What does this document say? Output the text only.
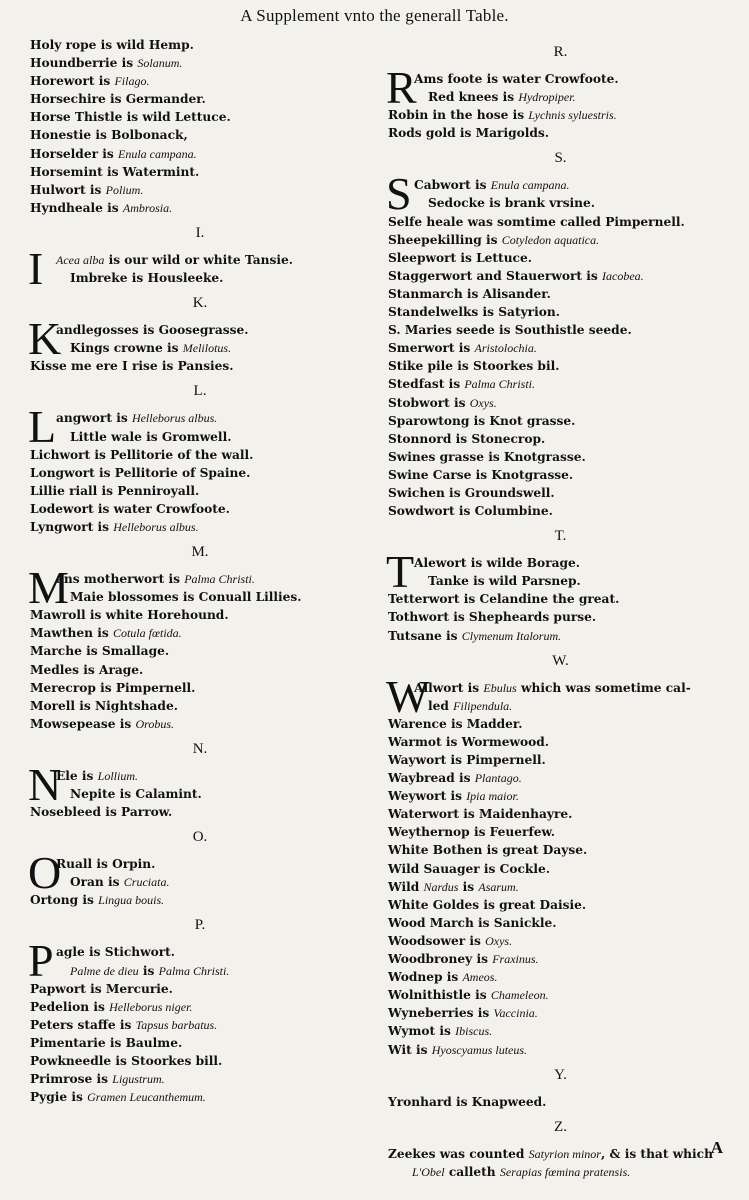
A Supplement vnto the generall Table.
Holy rope is wild Hemp.
Houndberrie is Solanum.
Horewort is Filago.
Horsechire is Germander.
Horse Thistle is wild Lettuce.
Honestie is Bolbonack,
Horselder is Enula campana.
Horsemint is Watermint.
Hulwort is Polium.
Hyndheale is Ambrosia.
I.
I Acea alba is our wild or white Tansie.
Imbreke is Housleeke.
K.
K
andlegosses is Goosegrasse.
Kings crowne is Melilotus.
Kisse me ere I rise is Pansies.
L.
L angwort is Helleborus albus.
Little wale is Gromwell.
Lichwort is Pellitorie of the wall.
Longwort is Pellitorie of Spaine.
Lillie riall is Penniroyall.
Lodewort is water Crowfoote.
Lyngwort is Helleborus albus.
M.
M
ans motherwort is Palma Christi.
Maie blossomes is Conuall Lillies.
Mawroll is white Horehound.
Mawthen is Cotula fœtida.
Marche is Smallage.
Medles is Arage.
Merecrop is Pimpernell.
Morell is Nightshade.
Mowsepease is Orobus.
N.
N
Ele is Lollium.
Nepite is Calamint.
Nosebleed is Parrow.
O.
O
Ruall is Orpin.
Oran is Cruciata.
Ortong is Lingua bouis.
P.
P agle is Stichwort.
Palme de dieu is Palma Christi.
Papwort is Mercurie.
Pedelion is Helleborus niger.
Peters staffe is Tapsus barbatus.
Pimentarie is Baulme.
Powkneedle is Stoorkes bill.
Primrose is Ligustrum.
Pygie is Gramen Leucanthemum.
R.
R
Ams foote is water Crowfoote.
Red knees is Hydropiper.
Robin in the hose is Lychnis syluestris.
Rods gold is Marigolds.
S.
S Cabwort is Enula campana.
Sedocke is brank vrsine.
Selfe heale was somtime called Pimpernell.
Sheepekilling is Cotyledon aquatica.
Sleepwort is Lettuce.
Staggerwort and Stauerwort is Iacobea.
Stanmarch is Alisander.
Standelwelks is Satyrion.
S. Maries seede is Southistle seede.
Smerwort is Aristolochia.
Stike pile is Stoorkes bil.
Stedfast is Palma Christi.
Stobwort is Oxys.
Sparowtong is Knot grasse.
Stonnord is Stonecrop.
Swines grasse is Knotgrasse.
Swine Carse is Knotgrasse.
Swichen is Groundswell.
Sowdwort is Columbine.
T.
T Alewort is wilde Borage.
Tanke is wild Parsnep.
Tetterwort is Celandine the great.
Tothwort is Shepheards purse.
Tutsane is Clymenum Italorum.
W.
W
Allwort is Ebulus which was sometime cal-
led Filipendula.
Warence is Madder.
Warmot is Wormewood.
Waywort is Pimpernell.
Waybread is Plantago.
Weywort is Ipia maior.
Waterwort is Maidenhayre.
Weythernop is Feuerfew.
White Bothen is great Dayse.
Wild Sauager is Cockle.
Wild Nardus is Asarum.
White Goldes is great Daisie.
Wood March is Sanickle.
Woodsower is Oxys.
Woodbroney is Fraxinus.
Wodnep is Ameos.
Wolnithistle is Chameleon.
Wyneberries is Vaccinia.
Wymot is Ibiscus.
Wit is Hyoscyamus luteus.
Y.
Yronhard is Knapweed.
Z.
Zeekes was counted Satyrion minor, & is that which
L'Obel calleth Serapias fœmina pratensis.
A
